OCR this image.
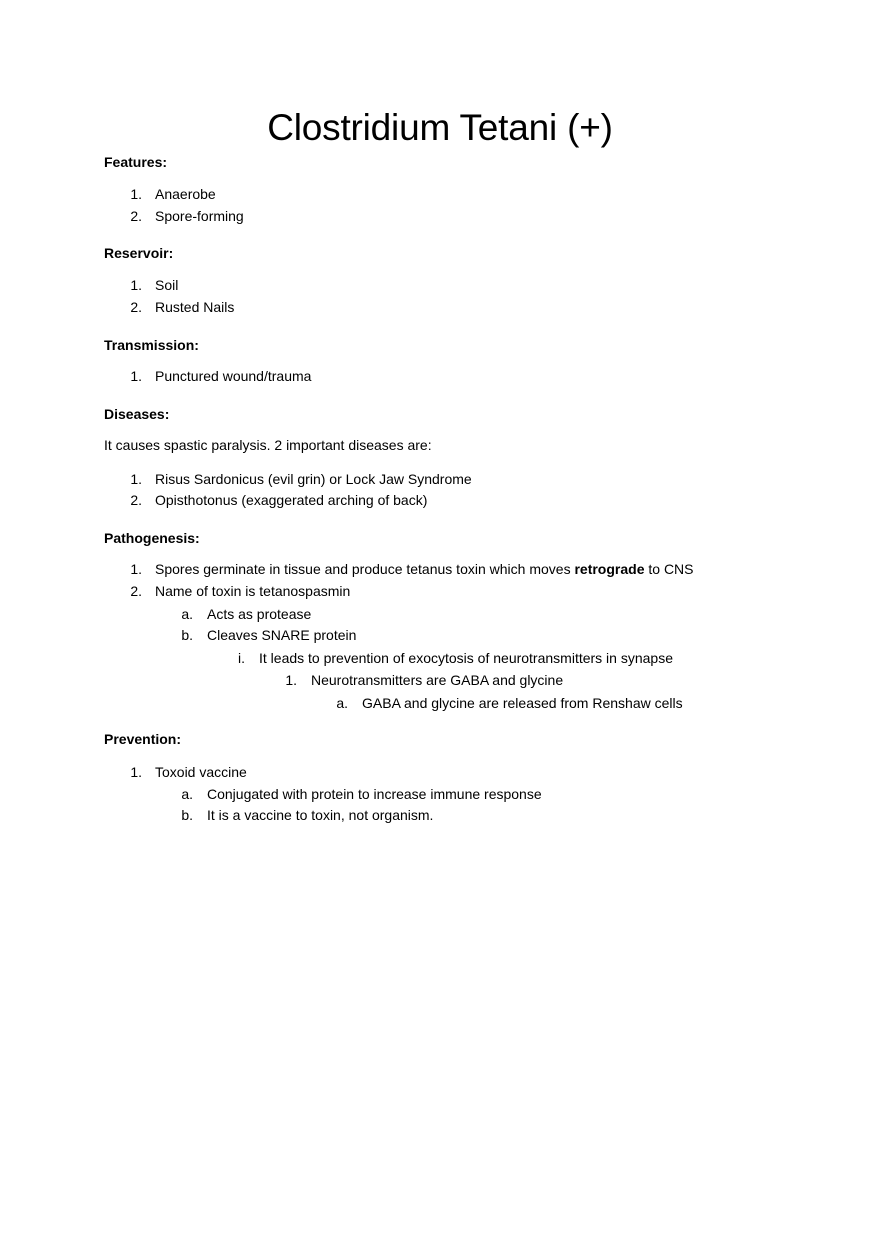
Clostridium Tetani (+)
Features:
1. Anaerobe
2. Spore-forming
Reservoir:
1. Soil
2. Rusted Nails
Transmission:
1. Punctured wound/trauma
Diseases:
It causes spastic paralysis. 2 important diseases are:
1. Risus Sardonicus (evil grin) or Lock Jaw Syndrome
2. Opisthotonus (exaggerated arching of back)
Pathogenesis:
1. Spores germinate in tissue and produce tetanus toxin which moves retrograde to CNS
2. Name of toxin is tetanospasmin
a. Acts as protease
b. Cleaves SNARE protein
i. It leads to prevention of exocytosis of neurotransmitters in synapse
1. Neurotransmitters are GABA and glycine
a. GABA and glycine are released from Renshaw cells
Prevention:
1. Toxoid vaccine
a. Conjugated with protein to increase immune response
b. It is a vaccine to toxin, not organism.
